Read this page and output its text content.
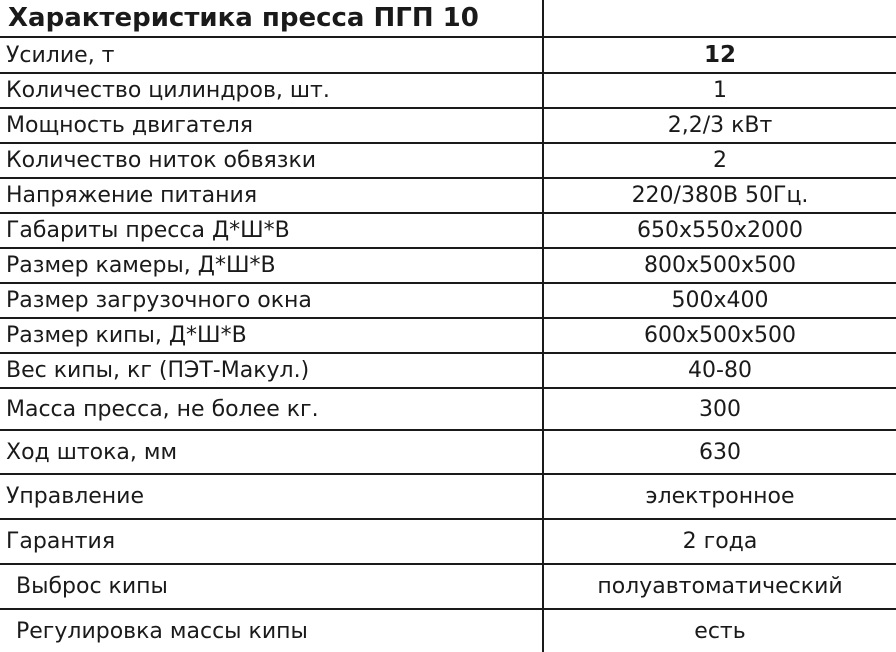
Характеристика пресса ПГП 10	
Усилие, т	12
Количество цилиндров, шт.	1
Мощность двигателя	2,2/3 кВт
Количество ниток обвязки	2
Напряжение питания	220/380В 50Гц.
Габариты пресса Д*Ш*В	650х550х2000
Размер камеры, Д*Ш*В	800х500х500
Размер загрузочного окна	500х400
Размер кипы, Д*Ш*В	600х500х500
Вес кипы, кг (ПЭТ-Макул.)	40-80
Масса пресса, не более кг.	300
Ход штока, мм	630
Управление	электронное
Гарантия	2 года
Выброс кипы	полуавтоматический
Регулировка массы кипы	есть
